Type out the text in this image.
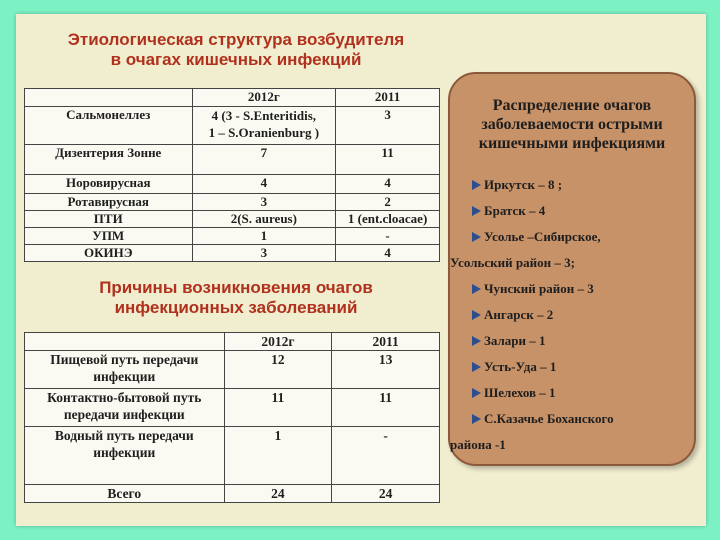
Этиологическая структура возбудителя
в очагах кишечных инфекций
	2012г	2011
Сальмонеллез	4 (3 - S.Enteritidis,
1 – S.Oranienburg )	3
Дизентерия Зонне	7	11
Норовирусная	4	4
Ротавирусная	3	2
ПТИ	2(S. aureus)	1 (ent.cloacae)
УПМ	1	-
ОКИНЭ	3	4
Причины возникновения очагов
инфекционных заболеваний
	2012г	2011
Пищевой путь передачи
инфекции	12	13
Контактно-бытовой путь
передачи инфекции	11	11
Водный путь передачи
инфекции	1	-
Всего	24	24
Распределение очагов
заболеваемости острыми
кишечными инфекциями
Иркутск – 8 ;
Братск – 4
Усолье –Сибирское,
Усольский район – 3;
Чунский район – 3
Ангарск – 2
Залари – 1
Усть-Уда – 1
Шелехов – 1
С.Казачье Боханского
района -1
